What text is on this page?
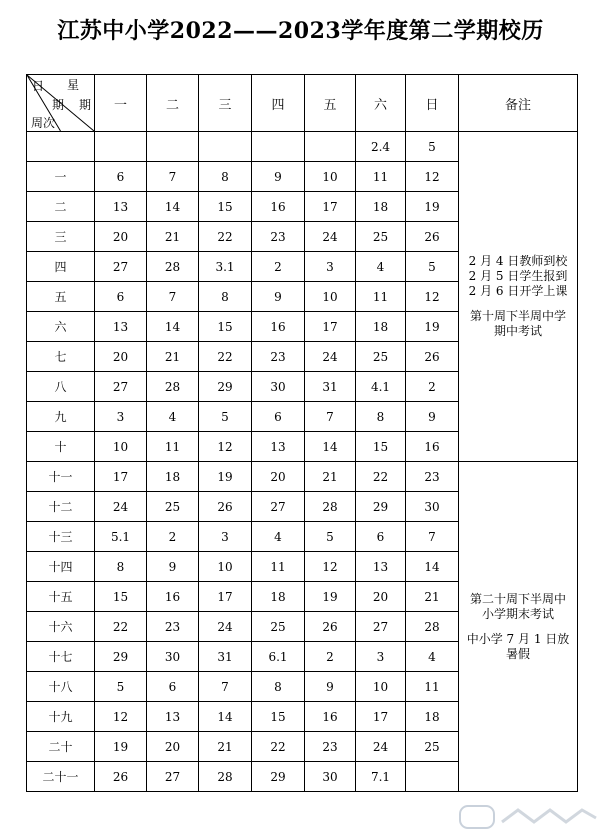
江苏中小学2022——2023学年度第二学期校历
日 星
期 期
周次	一	二	三	四	五	六	日	备注
						2.4	5	2 月 4 日教师到校
2 月 5 日学生报到
2 月 6 日开学上课

第十周下半周中学
期中考试

一	6	7	8	9	10	11	12	
二	13	14	15	16	17	18	19	
三	20	21	22	23	24	25	26	
四	27	28	3.1	2	3	4	5	
五	6	7	8	9	10	11	12	
六	13	14	15	16	17	18	19	
七	20	21	22	23	24	25	26	
八	27	28	29	30	31	4.1	2	
九	3	4	5	6	7	8	9	
十	10	11	12	13	14	15	16	
十一	17	18	19	20	21	22	23	第二十周下半周中
小学期末考试

中小学 7 月 1 日放
暑假

十二	24	25	26	27	28	29	30	
十三	5.1	2	3	4	5	6	7	
十四	8	9	10	11	12	13	14	
十五	15	16	17	18	19	20	21	
十六	22	23	24	25	26	27	28	
十七	29	30	31	6.1	2	3	4	
十八	5	6	7	8	9	10	11	
十九	12	13	14	15	16	17	18	
二十	19	20	21	22	23	24	25	
二十一	26	27	28	29	30	7.1		
